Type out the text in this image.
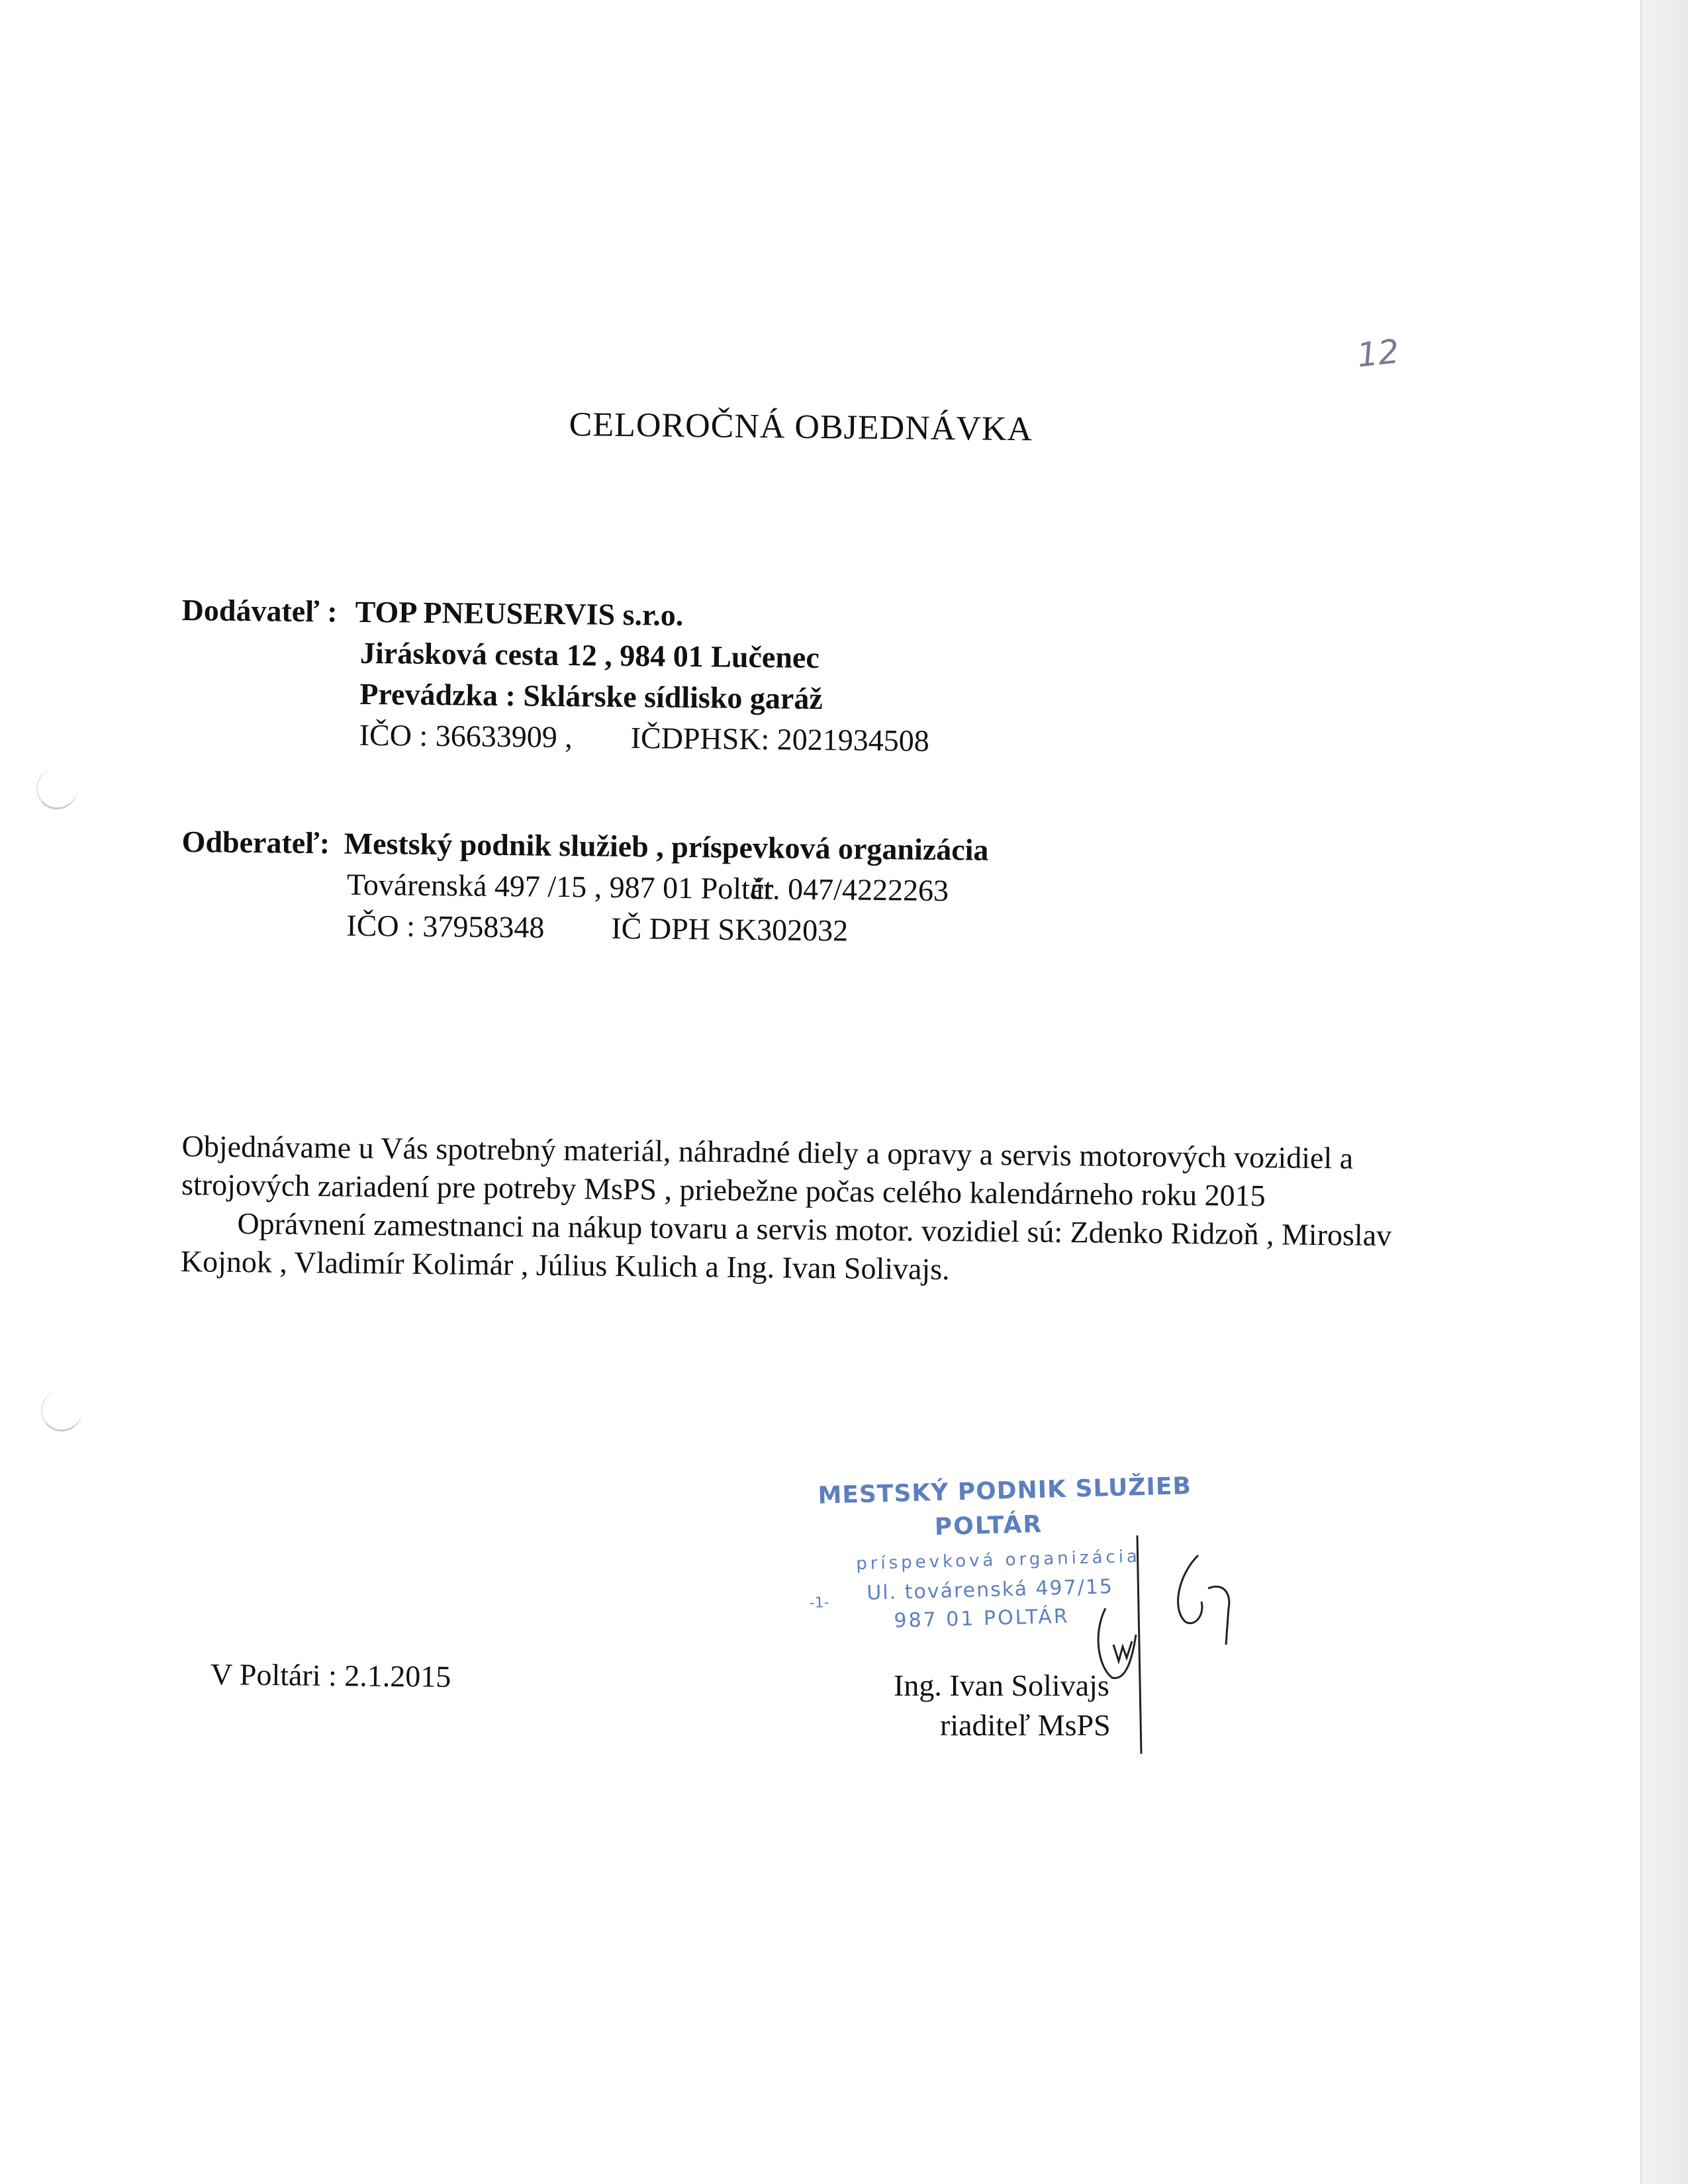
12
CELOROČNÁ OBJEDNÁVKA
Dodávateľ : TOP PNEUSERVIS s.r.o.
Jirásková cesta 12 , 984 01 Lučenec
Prevádzka : Sklárske sídlisko garáž
IČO : 36633909 , IČDPHSK: 2021934508
Odberateľ: Mestský podnik služieb , príspevková organizácia
Továrenská 497 /15 , 987 01 Poltár
čt. 047/4222263
IČO : 37958348 IČ DPH SK302032
Objednávame u Vás spotrebný materiál, náhradné diely a opravy a servis motorových vozidiel a
strojových zariadení pre potreby MsPS , priebežne počas celého kalendárneho roku 2015
Oprávnení zamestnanci na nákup tovaru a servis motor. vozidiel sú: Zdenko Ridzoň , Miroslav
Kojnok , Vladimír Kolimár , Július Kulich a Ing. Ivan Solivajs.
V Poltári : 2.1.2015
MESTSKÝ PODNIK SLUŽIEB
POLTÁR
príspevková organizácia
Ul. továrenská 497/15
987 01 POLTÁR
-1-
Ing. Ivan Solivajs
riaditeľ MsPS
